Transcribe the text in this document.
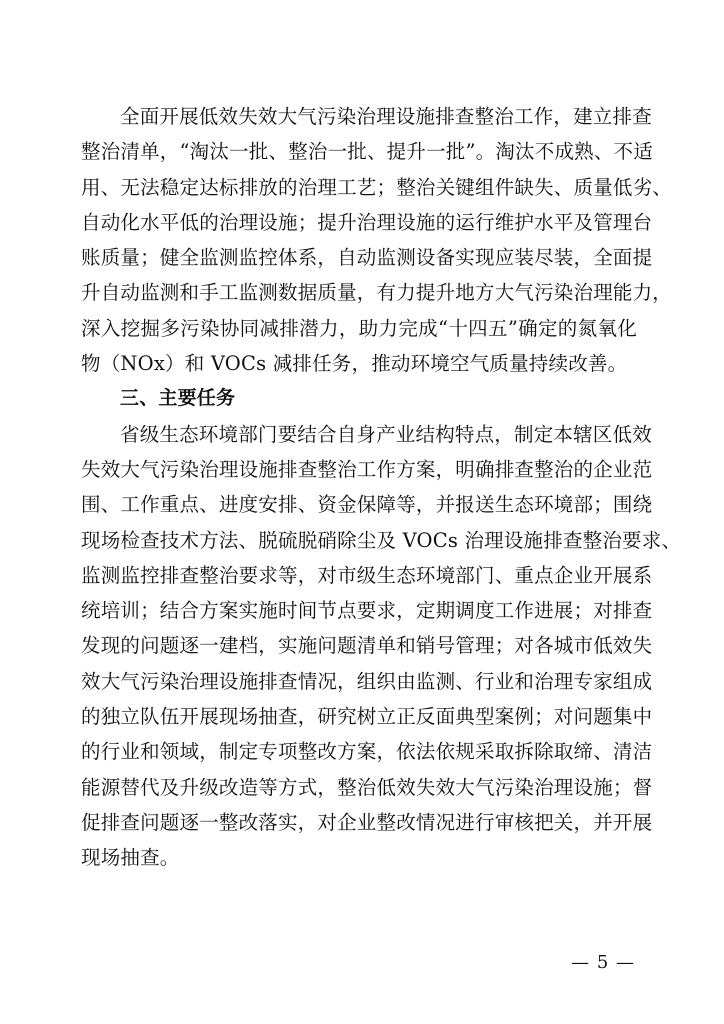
全面开展低效失效大气污染治理设施排查整治工作，建立排查
整治清单，“淘汰一批、整治一批、提升一批”。淘汰不成熟、不适
用、无法稳定达标排放的治理工艺；整治关键组件缺失、质量低劣、
自动化水平低的治理设施；提升治理设施的运行维护水平及管理台
账质量；健全监测监控体系，自动监测设备实现应装尽装，全面提
升自动监测和手工监测数据质量，有力提升地方大气污染治理能力，
深入挖掘多污染协同减排潜力，助力完成“十四五”确定的氮氧化
物（NOx）和 VOCs 减排任务，推动环境空气质量持续改善。
三、主要任务
省级生态环境部门要结合自身产业结构特点，制定本辖区低效
失效大气污染治理设施排查整治工作方案，明确排查整治的企业范
围、工作重点、进度安排、资金保障等，并报送生态环境部；围绕
现场检查技术方法、脱硫脱硝除尘及 VOCs 治理设施排查整治要求、
监测监控排查整治要求等，对市级生态环境部门、重点企业开展系
统培训；结合方案实施时间节点要求，定期调度工作进展；对排查
发现的问题逐一建档，实施问题清单和销号管理；对各城市低效失
效大气污染治理设施排查情况，组织由监测、行业和治理专家组成
的独立队伍开展现场抽查，研究树立正反面典型案例；对问题集中
的行业和领域，制定专项整改方案，依法依规采取拆除取缔、清洁
能源替代及升级改造等方式，整治低效失效大气污染治理设施；督
促排查问题逐一整改落实，对企业整改情况进行审核把关，并开展
现场抽查。
— 5 —
